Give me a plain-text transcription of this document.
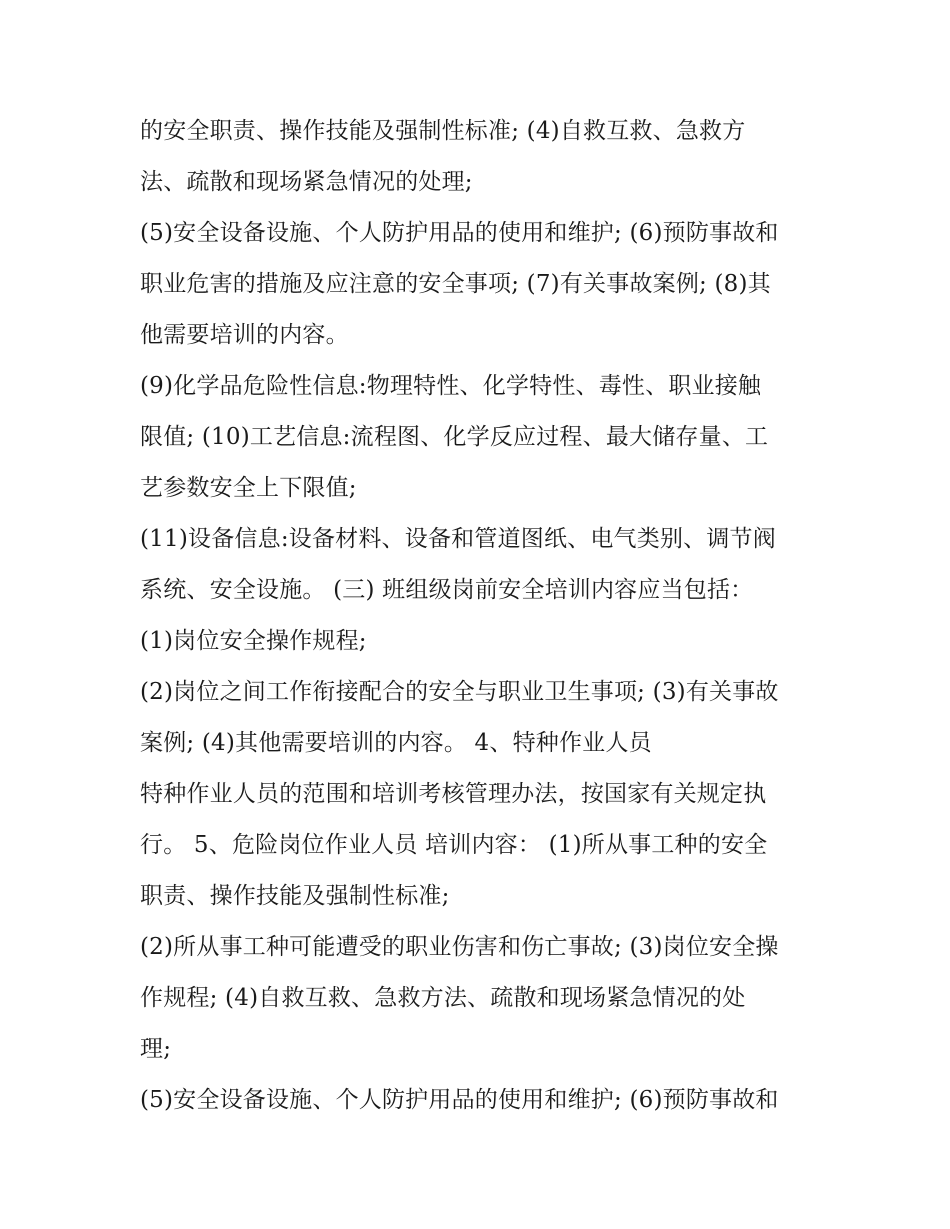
的安全职责、操作技能及强制性标准; (4)自救互救、急救方
法、疏散和现场紧急情况的处理;
(5)安全设备设施、个人防护用品的使用和维护; (6)预防事故和
职业危害的措施及应注意的安全事项; (7)有关事故案例; (8)其
他需要培训的内容。
(9)化学品危险性信息:物理特性、化学特性、毒性、职业接触
限值; (10)工艺信息:流程图、化学反应过程、最大储存量、工
艺参数安全上下限值;
(11)设备信息:设备材料、设备和管道图纸、电气类别、调节阀
系统、安全设施。 (三) 班组级岗前安全培训内容应当包括：
(1)岗位安全操作规程;
(2)岗位之间工作衔接配合的安全与职业卫生事项; (3)有关事故
案例; (4)其他需要培训的内容。 4、特种作业人员
特种作业人员的范围和培训考核管理办法，按国家有关规定执
行。 5、危险岗位作业人员 培训内容： (1)所从事工种的安全
职责、操作技能及强制性标准;
(2)所从事工种可能遭受的职业伤害和伤亡事故; (3)岗位安全操
作规程; (4)自救互救、急救方法、疏散和现场紧急情况的处
理;
(5)安全设备设施、个人防护用品的使用和维护; (6)预防事故和
